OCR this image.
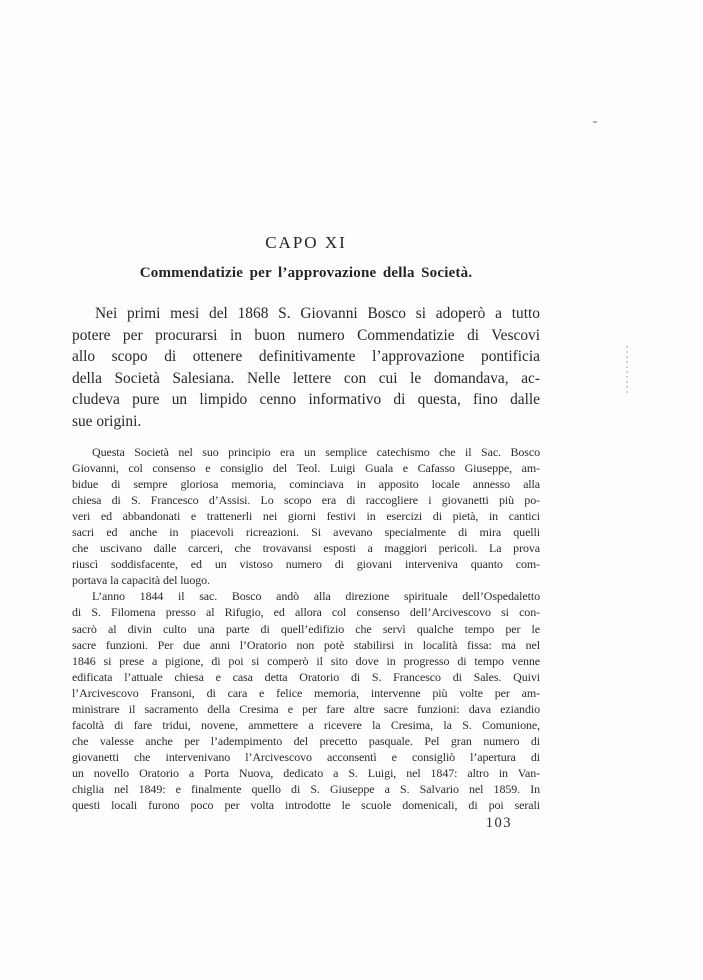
CAPO XI
Commendatizie per l’approvazione della Società.
Nei primi mesi del 1868 S. Giovanni Bosco si adoperò a tutto
potere per procurarsi in buon numero Commendatizie di Vescovi
allo scopo di ottenere definitivamente l’approvazione pontificia
della Società Salesiana. Nelle lettere con cui le domandava, ac-
cludeva pure un limpido cenno informativo di questa, fino dalle
sue origini.
Questa Società nel suo principio era un semplice catechismo che il Sac. Bosco
Giovanni, col consenso e consiglio del Teol. Luigi Guala e Cafasso Giuseppe, am-
bidue di sempre gloriosa memoria, cominciava in apposito locale annesso alla
chiesa di S. Francesco d’Assisi. Lo scopo era di raccogliere i giovanetti più po-
veri ed abbandonati e trattenerli nei giorni festivi in esercizi di pietà, in cantici
sacri ed anche in piacevoli ricreazioni. Si avevano specialmente di mira quelli
che uscivano dalle carceri, che trovavansi esposti a maggiori pericoli. La prova
riuscì soddisfacente, ed un vistoso numero di giovani interveniva quanto com-
portava la capacità del luogo.
L’anno 1844 il sac. Bosco andò alla direzione spirituale dell’Ospedaletto
di S. Filomena presso al Rifugio, ed allora col consenso dell’Arcivescovo si con-
sacrò al divin culto una parte di quell’edifizio che servì qualche tempo per le
sacre funzioni. Per due anni l’Oratorio non potè stabilirsi in località fissa: ma nel
1846 si prese a pigione, di poi si comperò il sito dove in progresso di tempo venne
edificata l’attuale chiesa e casa detta Oratorio di S. Francesco di Sales. Quivi
l’Arcivescovo Fransoni, di cara e felice memoria, intervenne più volte per am-
ministrare il sacramento della Cresima e per fare altre sacre funzioni: dava eziandio
facoltà di fare tridui, novene, ammettere a ricevere la Cresima, la S. Comunione,
che valesse anche per l’adempimento del precetto pasquale. Pel gran numero di
giovanetti che intervenivano l’Arcivescovo acconsentì e consigliò l’apertura di
un novello Oratorio a Porta Nuova, dedicato a S. Luigi, nel 1847: altro in Van-
chiglia nel 1849: e finalmente quello di S. Giuseppe a S. Salvario nel 1859. In
questi locali furono poco per volta introdotte le scuole domenicali, di poi serali
103
